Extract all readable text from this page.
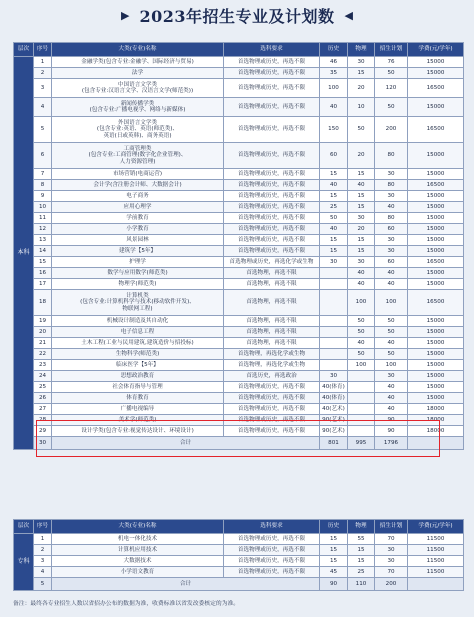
▶ 2023年招生专业及计划数 ◀
层次	序号	大类(专业)名称	选科要求	历史	物理	招生计划	学费(元/学年)
本科	1	金融学类(包含专业:金融学、国际经济与贸易)	首选物理或历史，再选不限	46	30	76	15000
	2	法学	首选物理或历史，再选不限	35	15	50	15000
	3	中国语言文学类
(包含专业:汉语言文学、汉语言文学(师范类))	首选物理或历史，再选不限	100	20	120	16500
	4	新闻传播学类
(包含专业:广播电视学、网络与新媒体)	首选物理或历史，再选不限	40	10	50	15000
	5	外国语言文学类
(包含专业:英语、英语(师范类)、
英语(日或英韩)、商务英语)	首选物理或历史，再选不限	150	50	200	16500
	6	工商管理类
(包含专业:工商管理(数字化企业管理)、
人力资源管理)	首选物理或历史，再选不限	60	20	80	15000
	7	市场营销(电商运营)	首选物理或历史，再选不限	15	15	30	15000
	8	会计学(含注册会计师、大数据会计)	首选物理或历史，再选不限	40	40	80	16500
	9	电子商务	首选物理或历史，再选不限	15	15	30	15000
	10	应用心理学	首选物理或历史，再选不限	25	15	40	15000
	11	学前教育	首选物理或历史，再选不限	50	30	80	15000
	12	小学教育	首选物理或历史，再选不限	40	20	60	15000
	13	风景园林	首选物理或历史，再选不限	15	15	30	15000
	14	建筑学【5年】	首选物理或历史，再选不限	15	15	30	15000
	15	护理学	首选物理或历史，再选化学或生物	30	30	60	16500
	16	数学与应用数学(师范类)	首选物理，再选不限		40	40	15000
	17	物理学(师范类)	首选物理，再选不限		40	40	15000
	18	计算机类
(包含专业:计算机科学与技术(移动软件开发)、
物联网工程)	首选物理，再选不限		100	100	16500
	19	机械设计制造及其自动化	首选物理，再选不限		50	50	15000
	20	电子信息工程	首选物理，再选不限		50	50	15000
	21	土木工程(工业与民用建筑,建筑造价与招投标)	首选物理，再选不限		40	40	15000
	22	生物科学(师范类)	首选物理，再选化学或生物		50	50	15000
	23	临床医学【5年】	首选物理，再选化学或生物		100	100	15000
	24	思想政治教育	首选历史，再选政治	30		30	15000
	25	社会体育指导与管理	首选物理或历史，再选不限	40(体育)		40	15000
	26	体育教育	首选物理或历史，再选不限	40(体育)		40	15000
	27	广播电视编导	首选物理或历史，再选不限	40(艺术)		40	18000
	28	美术学(师范类)	首选物理或历史，再选不限	90(艺术)		90	18000
	29	设计学类(包含专业:视觉传达设计、环境设计)	首选物理或历史，再选不限	90(艺术)		90	18000
	30	合计		801	995	1796	
层次	序号	大类(专业)名称	选科要求	历史	物理	招生计划	学费(元/学年)
专科	1	机电一体化技术	首选物理或历史，再选不限	15	55	70	11500
	2	计算机应用技术	首选物理或历史，再选不限	15	15	30	11500
	3	大数据技术	首选物理或历史，再选不限	15	15	30	11500
	4	小学语文教育	首选物理或历史，再选不限	45	25	70	11500
	5	合计		90	110	200	
备注：最终各专业招生人数以省招办公布的数据为准，收费标准以省发改委核定的为准。
